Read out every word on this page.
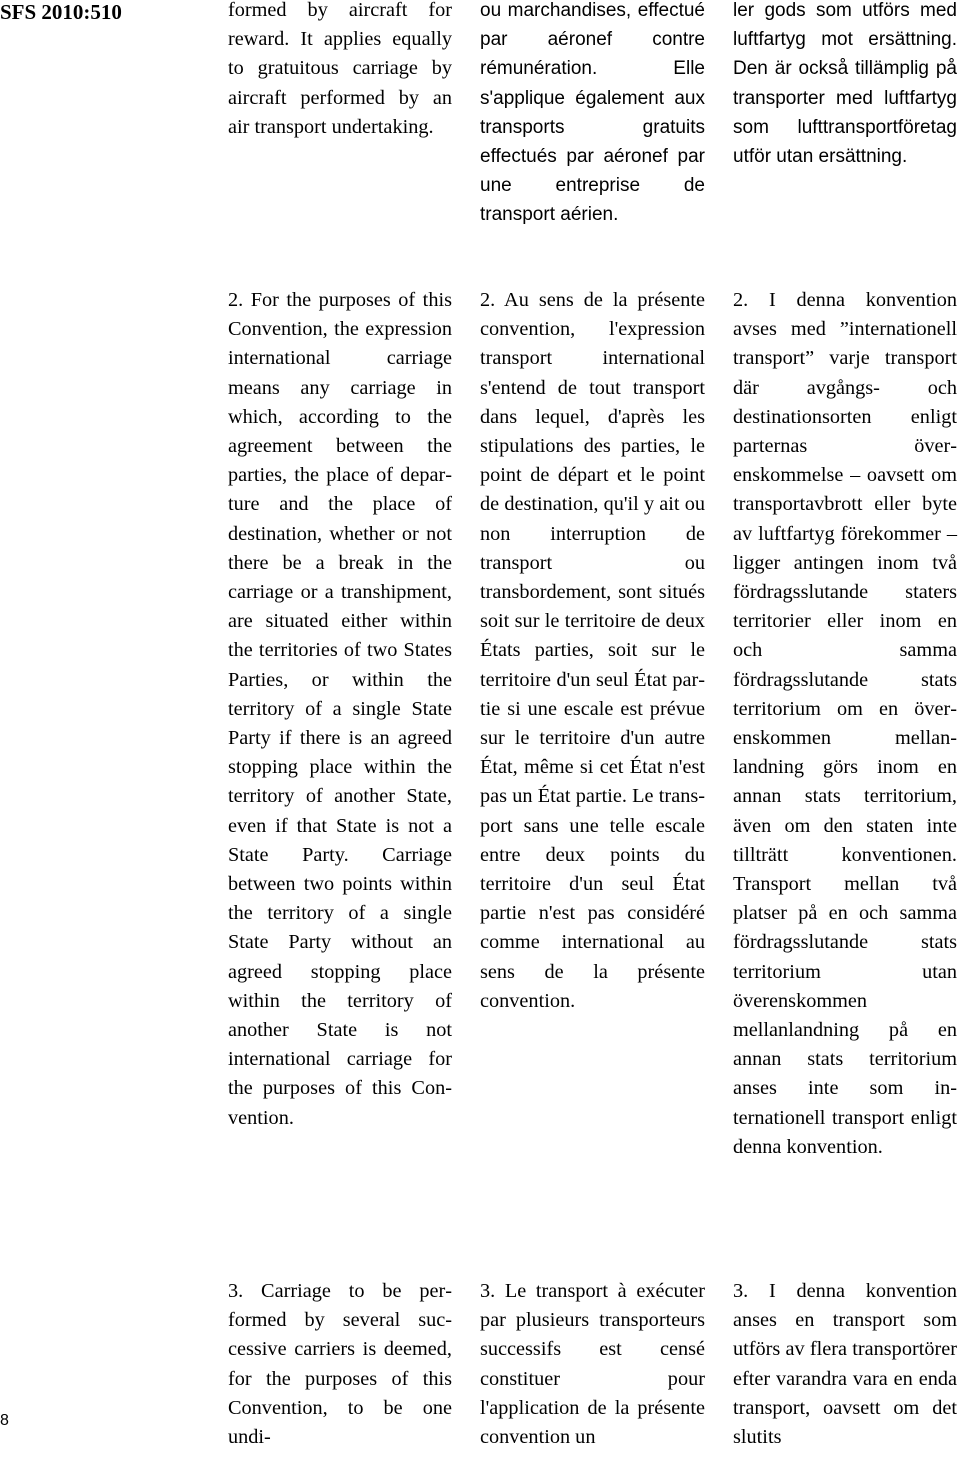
SFS 2010:510	formed by aircraft for reward. It applies equally to gratuitous carriage by aircraft performed by an air transport undertaking.

ou marchandises, effectué par aéronef contre rémunération. Elle s'applique également aux transports gratuits effectués par aéronef par une entreprise de transport aérien.

ler gods som utförs med luftfartyg mot ersättning. Den är också tillämplig på transporter med luftfartyg som lufttransportföretag utför utan ersättning.

2. For the purposes of this Convention, the expression international carriage means any carriage in which, according to the agreement between the parties, the place of departure and the place of destination, whether or not there be a break in the carriage or a transhipment, are situated either within the territories of two States Parties, or within the territory of a single State Party if there is an agreed stopping place within the territory of another State, even if that State is not a State Party. Carriage between two points within the territory of a single State Party without an agreed stopping place within the territory of another State is not international carriage for the purposes of this Convention.

2. Au sens de la présente convention, l'expression transport international s'entend de tout transport dans lequel, d'après les stipulations des parties, le point de départ et le point de destination, qu'il y ait ou non interruption de transport ou transbordement, sont situés soit sur le territoire de deux États parties, soit sur le territoire d'un seul État partie si une escale est prévue sur le territoire d'un autre État, même si cet État n'est pas un État partie. Le transport sans une telle escale entre deux points du territoire d'un seul État partie n'est pas considéré comme international au sens de la présente convention.

2. I denna konvention avses med ”internationell transport” varje transport där avgångs- och destinationsorten enligt parternas överenskommelse – oavsett om transportavbrott eller byte av luftfartyg förekommer – ligger antingen inom två fördragsslutande staters territorier eller inom en och samma fördragsslutande stats territorium om en överenskommen mellanlandning görs inom en annan stats territorium, även om den staten inte tillträtt konventionen. Transport mellan två platser på en och samma fördragsslutande stats territorium utan överenskommen mellanlandning på en annan stats territorium anses inte som internationell transport enligt denna konvention.

3. Carriage to be performed by several successive carriers is deemed, for the purposes of this Convention, to be one undi-

3. Le transport à exécuter par plusieurs transporteurs successifs est censé constituer pour l'application de la présente convention un

3. I denna konvention anses en transport som utförs av flera transportörer efter varandra vara en enda transport, oavsett om det slutits

8
